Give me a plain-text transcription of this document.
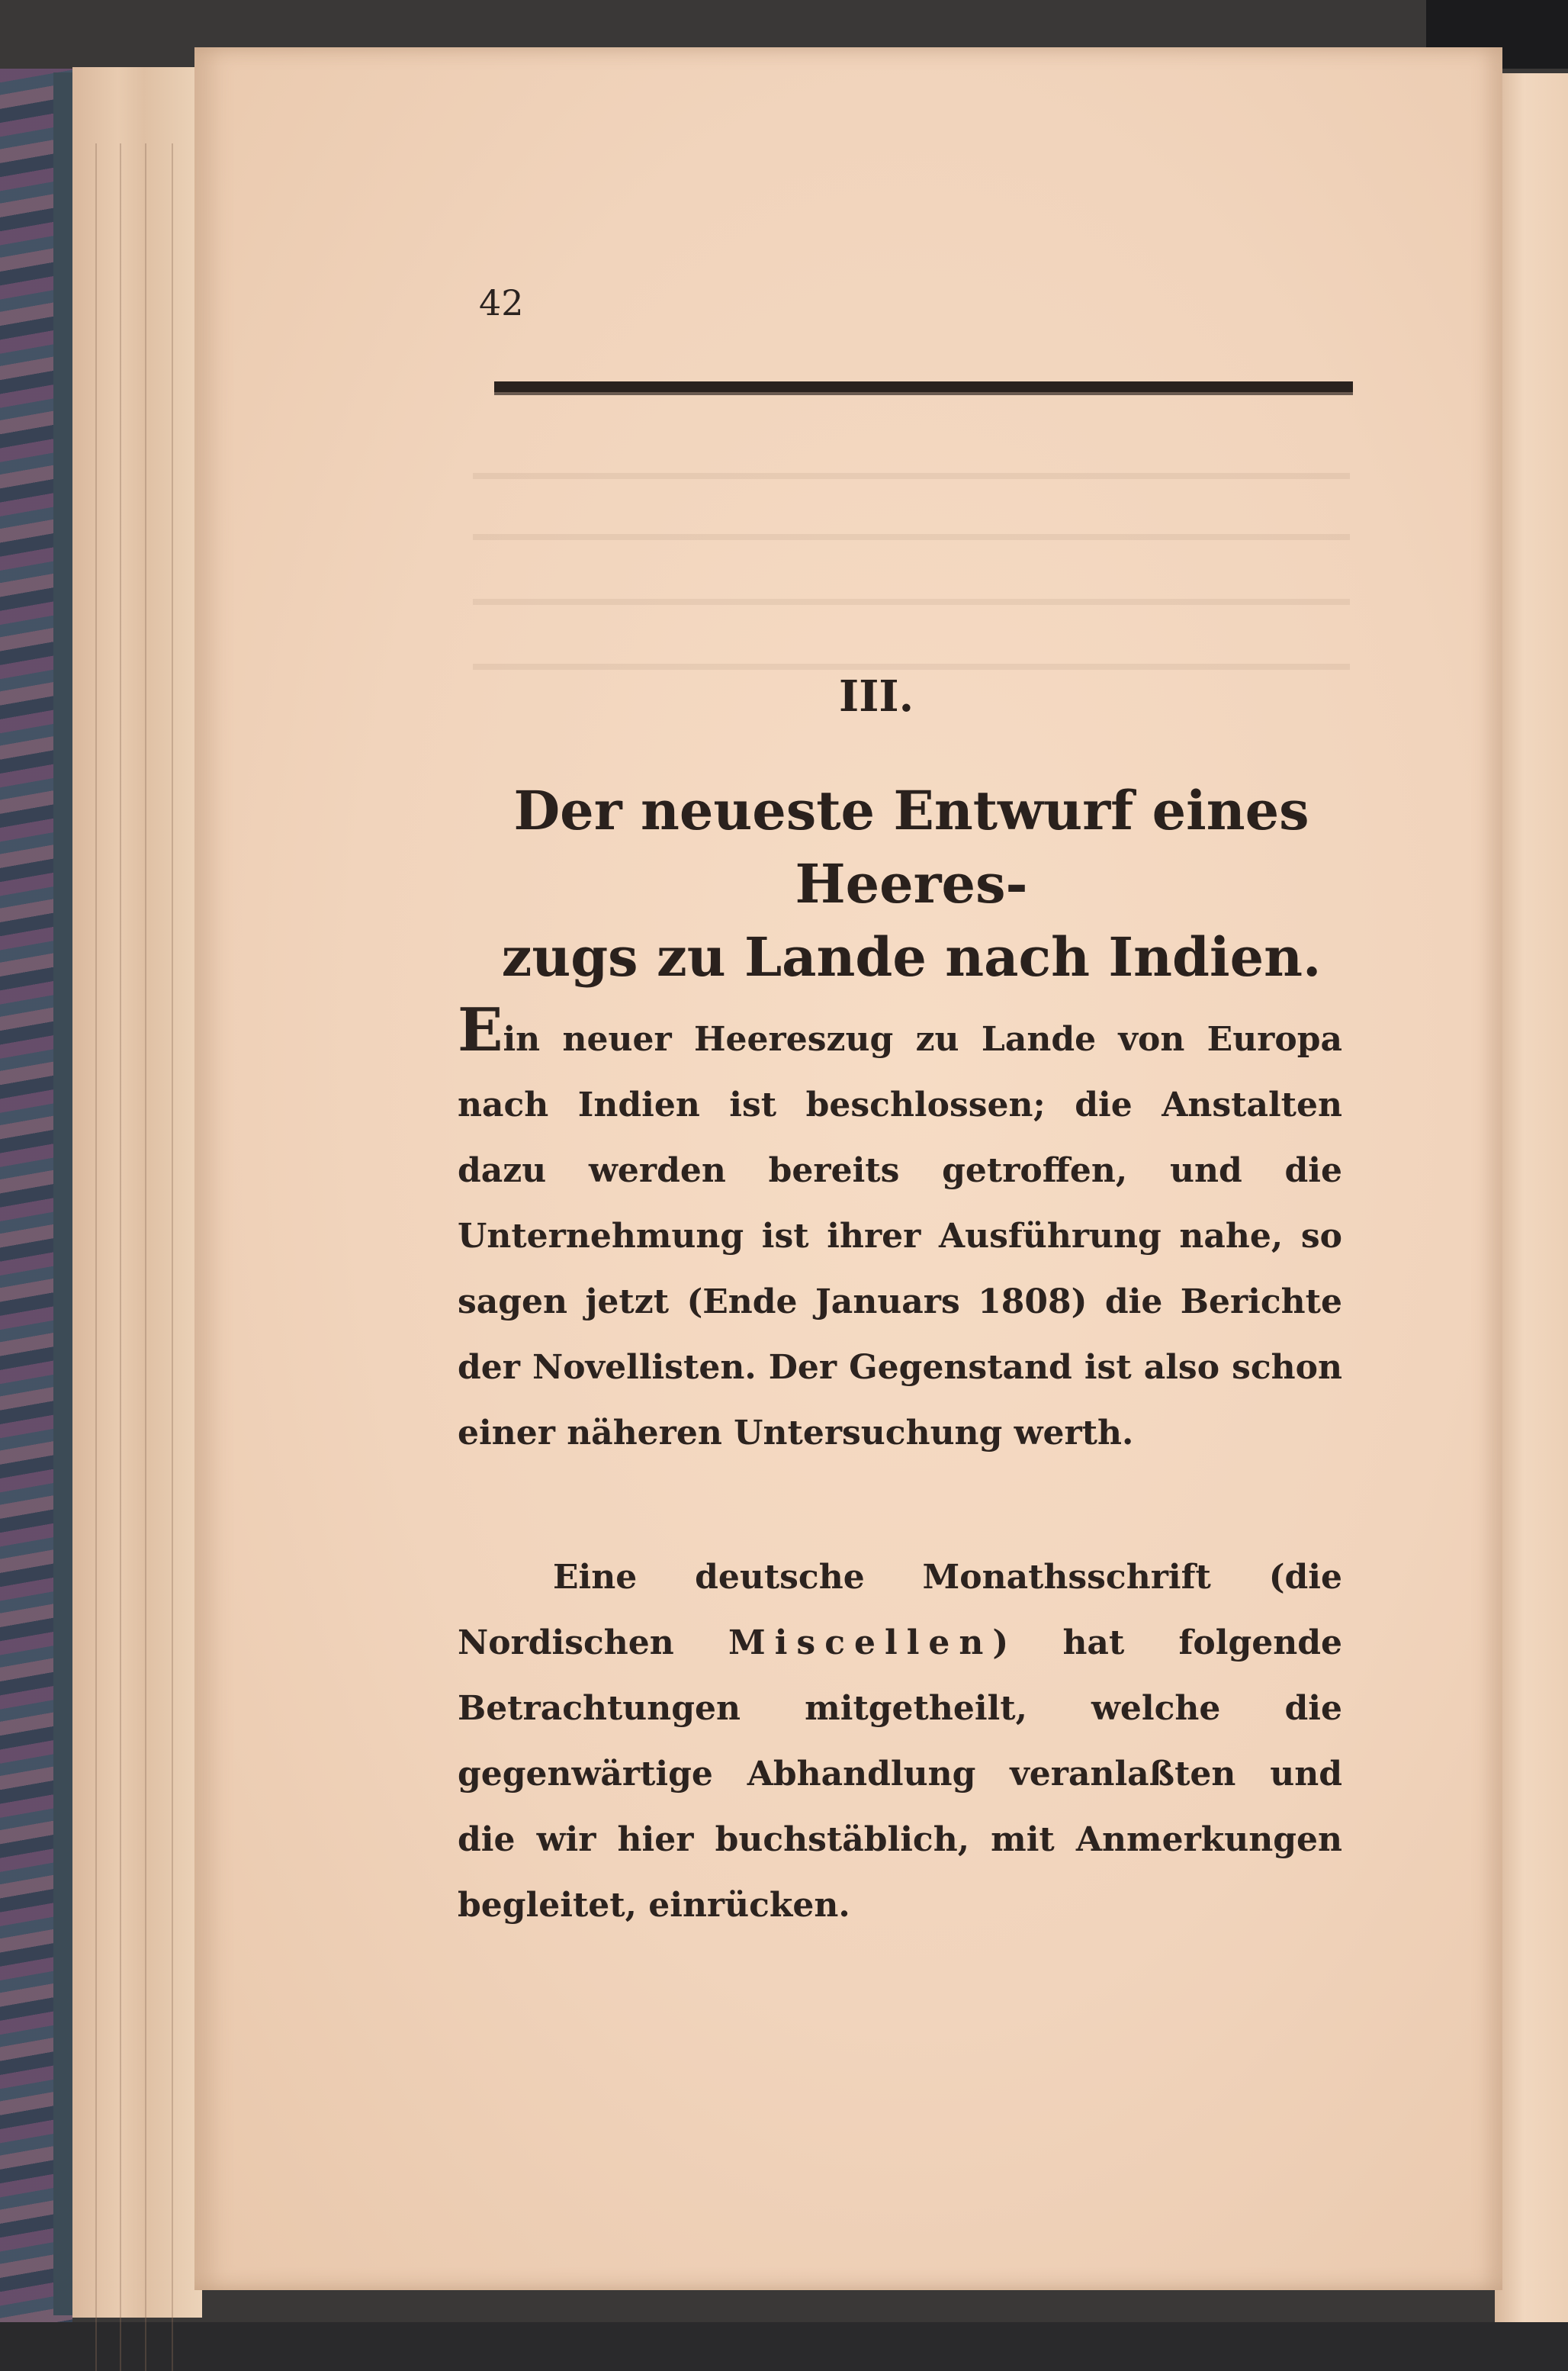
42
III.
Der neueste Entwurf eines Heeres-
zugs zu Lande nach Indien.
Ein neuer Heereszug zu Lande von Europa nach Indien ist beschlossen; die Anstalten dazu werden bereits getroffen, und die Unternehmung ist ihrer Ausführung nahe, so sagen jetzt (Ende Januars 1808) die Berichte der Novellisten. Der Gegenstand ist also schon einer näheren Untersuchung werth.
Eine deutsche Monathsschrift (die Nordischen Miscellen) hat folgende Betrachtungen mitgetheilt, welche die gegenwärtige Abhandlung veranlaßten und die wir hier buchstäblich, mit Anmerkungen begleitet, einrücken.
